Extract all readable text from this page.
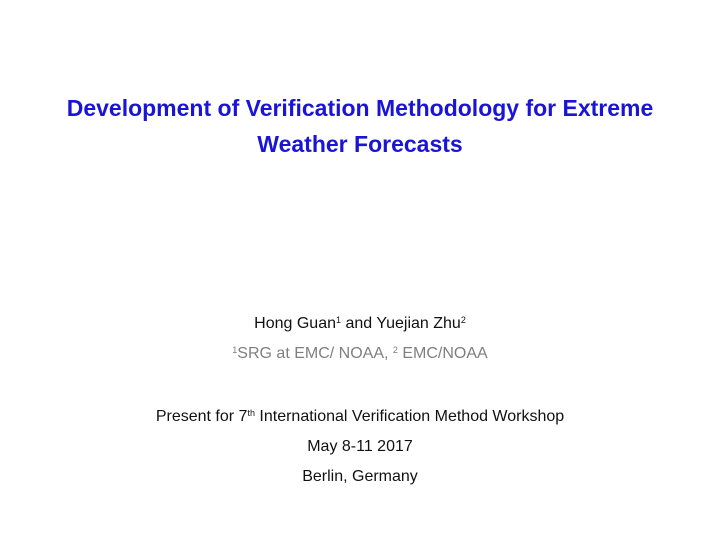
Development of Verification Methodology for Extreme
Weather Forecasts
Hong Guan$^1$ and Yuejian Zhu$^2$
$^1$SRG at EMC/ NOAA, $^2$ EMC/NOAA
Present for 7th International Verification Method Workshop
May 8-11 2017
Berlin, Germany
